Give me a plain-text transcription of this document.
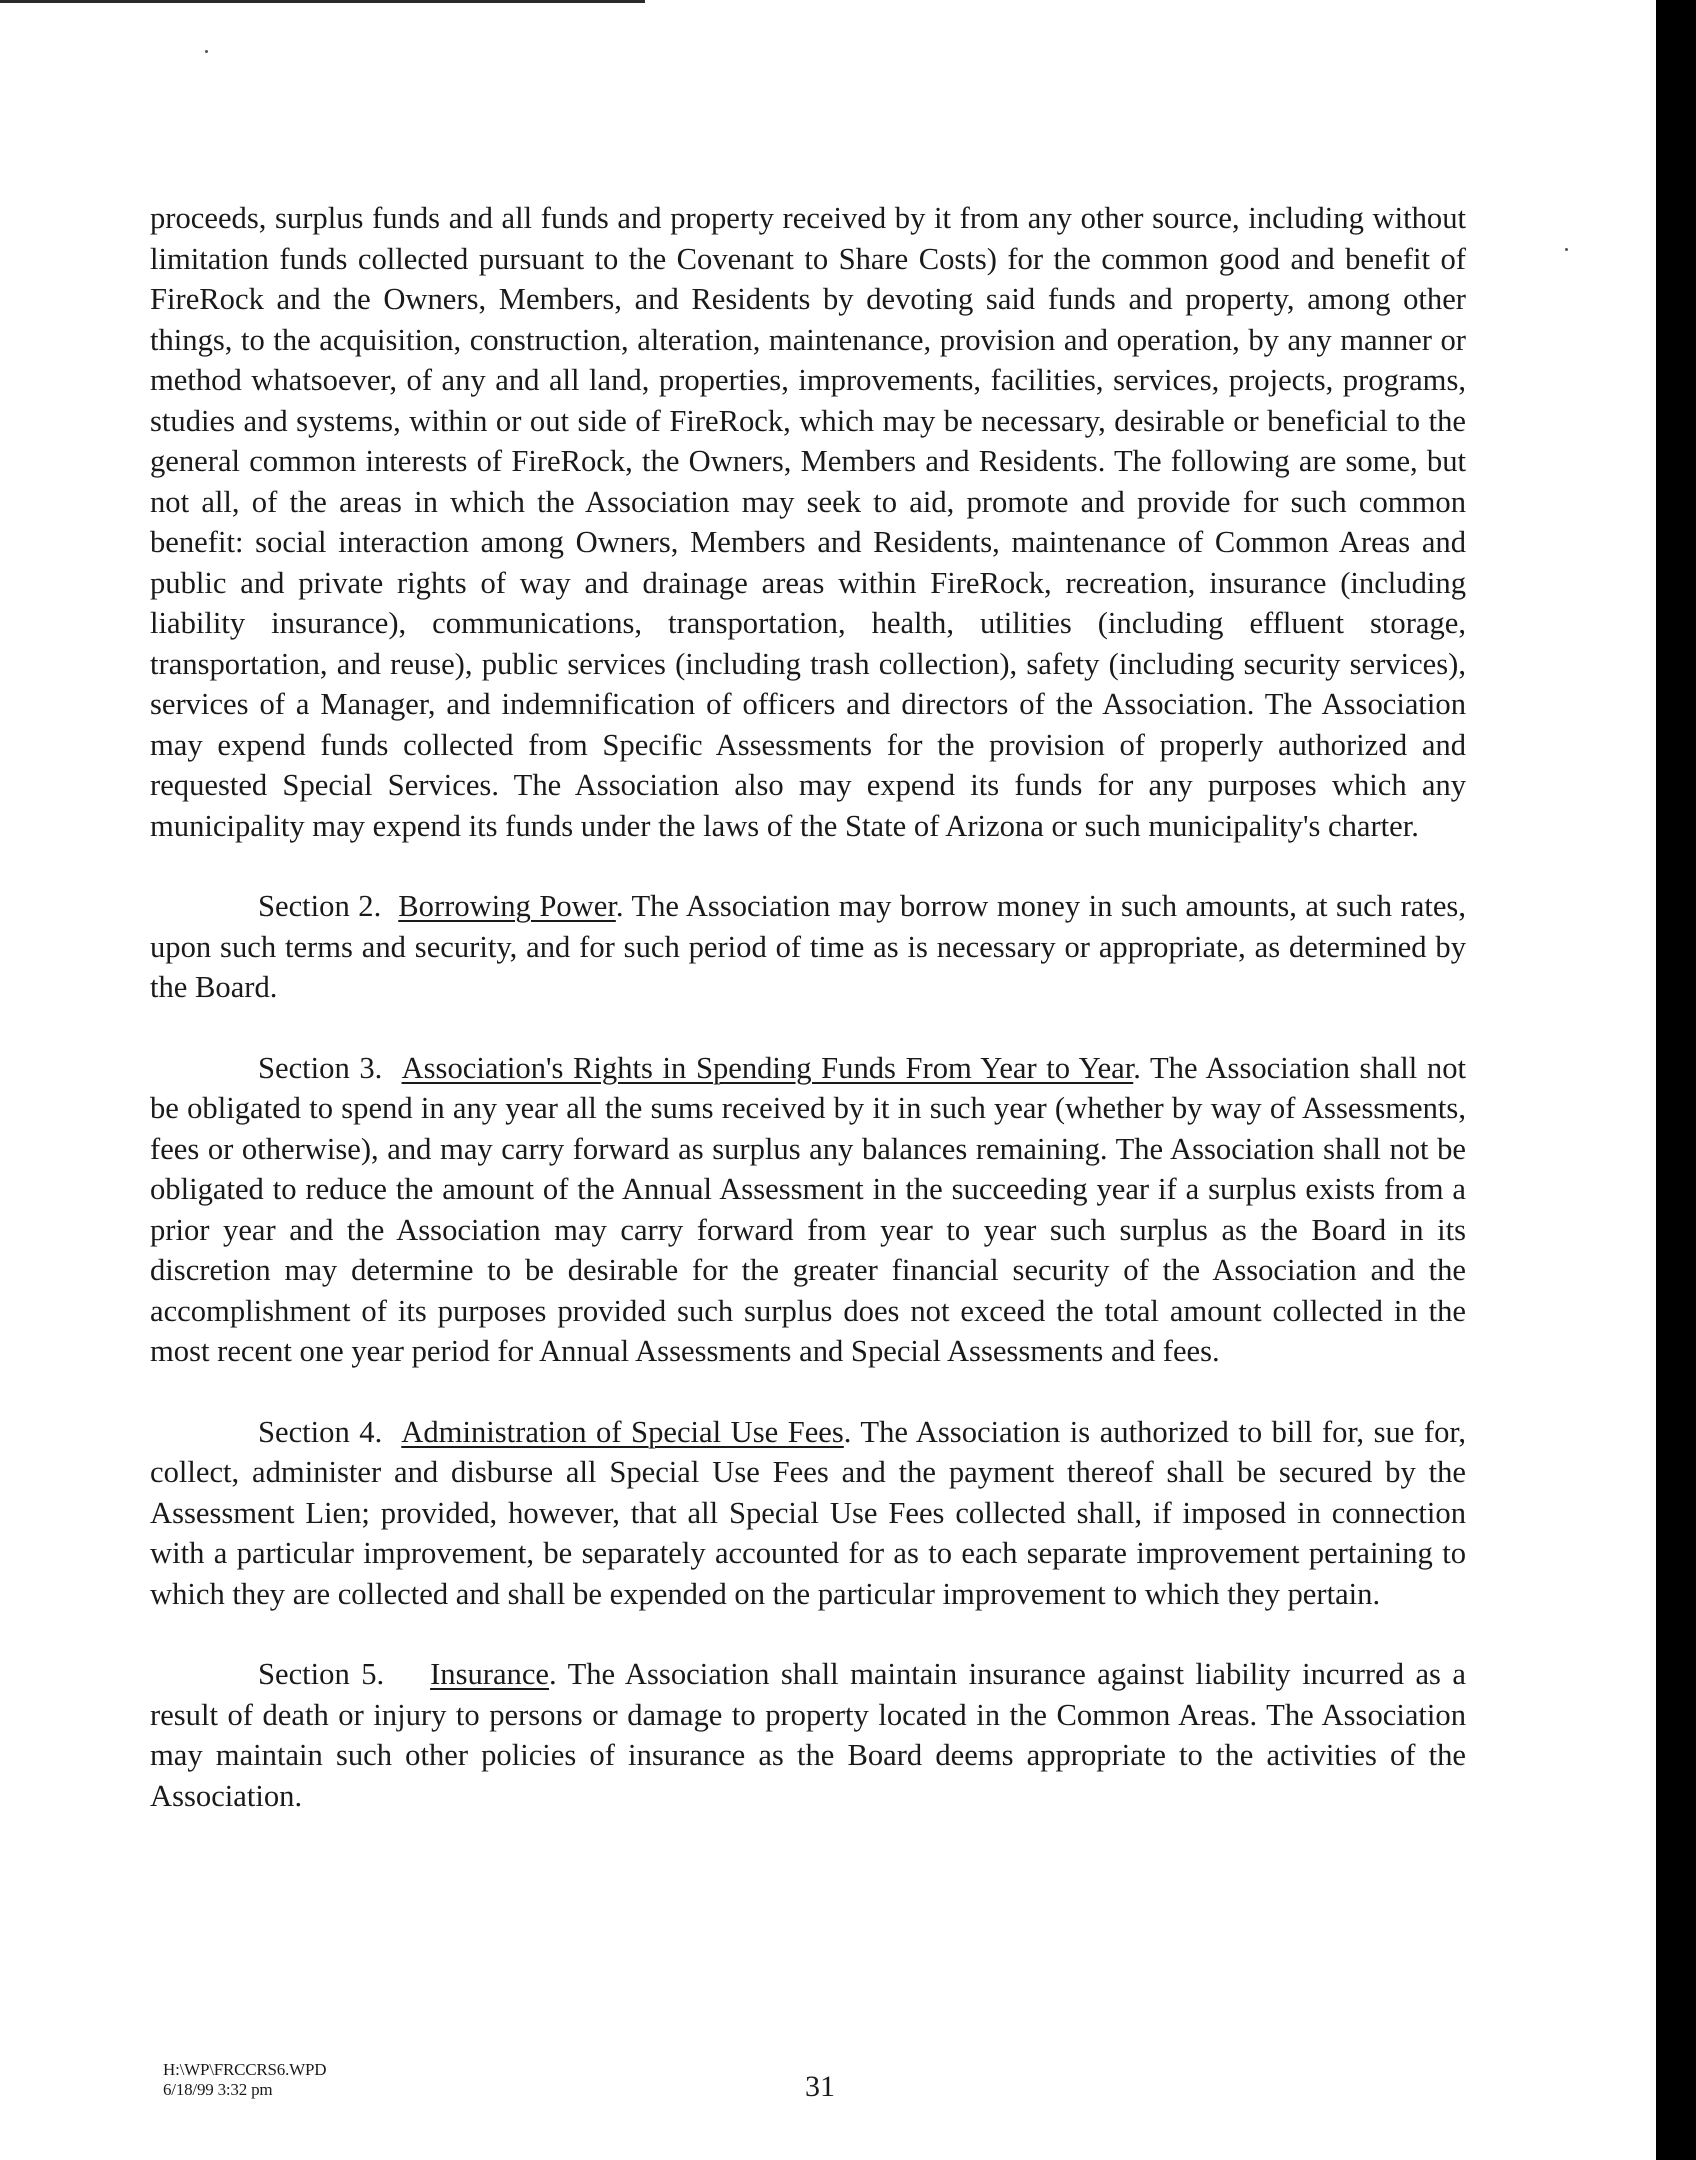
proceeds, surplus funds and all funds and property received by it from any other source, including without limitation funds collected pursuant to the Covenant to Share Costs) for the common good and benefit of FireRock and the Owners, Members, and Residents by devoting said funds and property, among other things, to the acquisition, construction, alteration, maintenance, provision and operation, by any manner or method whatsoever, of any and all land, properties, improvements, facilities, services, projects, programs, studies and systems, within or out side of FireRock, which may be necessary, desirable or beneficial to the general common interests of FireRock, the Owners, Members and Residents. The following are some, but not all, of the areas in which the Association may seek to aid, promote and provide for such common benefit: social interaction among Owners, Members and Residents, maintenance of Common Areas and public and private rights of way and drainage areas within FireRock, recreation, insurance (including liability insurance), communications, transportation, health, utilities (including effluent storage, transportation, and reuse), public services (including trash collection), safety (including security services), services of a Manager, and indemnification of officers and directors of the Association. The Association may expend funds collected from Specific Assessments for the provision of properly authorized and requested Special Services. The Association also may expend its funds for any purposes which any municipality may expend its funds under the laws of the State of Arizona or such municipality's charter.

Section 2. Borrowing Power. The Association may borrow money in such amounts, at such rates, upon such terms and security, and for such period of time as is necessary or appropriate, as determined by the Board.

Section 3. Association's Rights in Spending Funds From Year to Year. The Association shall not be obligated to spend in any year all the sums received by it in such year (whether by way of Assessments, fees or otherwise), and may carry forward as surplus any balances remaining. The Association shall not be obligated to reduce the amount of the Annual Assessment in the succeeding year if a surplus exists from a prior year and the Association may carry forward from year to year such surplus as the Board in its discretion may determine to be desirable for the greater financial security of the Association and the accomplishment of its purposes provided such surplus does not exceed the total amount collected in the most recent one year period for Annual Assessments and Special Assessments and fees.

Section 4. Administration of Special Use Fees. The Association is authorized to bill for, sue for, collect, administer and disburse all Special Use Fees and the payment thereof shall be secured by the Assessment Lien; provided, however, that all Special Use Fees collected shall, if imposed in connection with a particular improvement, be separately accounted for as to each separate improvement pertaining to which they are collected and shall be expended on the particular improvement to which they pertain.

Section 5. Insurance. The Association shall maintain insurance against liability incurred as a result of death or injury to persons or damage to property located in the Common Areas. The Association may maintain such other policies of insurance as the Board deems appropriate to the activities of the Association.

H:\WP\FRCCRS6.WPD
6/18/99 3:32 pm	31
